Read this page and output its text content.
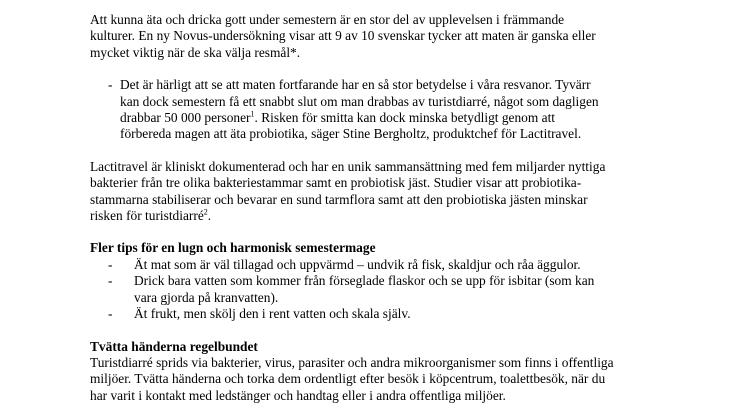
Att kunna äta och dricka gott under semestern är en stor del av upplevelsen i främmande
kulturer. En ny Novus-undersökning visar att 9 av 10 svenskar tycker att maten är ganska eller
mycket viktig när de ska välja resmål*.

- Det är härligt att se att maten fortfarande har en så stor betydelse i våra resvanor. Tyvärr
kan dock semestern få ett snabbt slut om man drabbas av turistdiarré, något som dagligen
drabbar 50 000 personer$^1$. Risken för smitta kan dock minska betydligt genom att
förbereda magen att äta probiotika, säger Stine Bergholtz, produktchef för Lactitravel.

Lactitravel är kliniskt dokumenterad och har en unik sammansättning med fem miljarder nyttiga
bakterier från tre olika bakteriestammar samt en probiotisk jäst. Studier visar att probiotika-
stammarna stabiliserar och bevarar en sund tarmflora samt att den probiotiska jästen minskar
risken för turistdiarré$^2$.

Fler tips för en lugn och harmonisk semestermage

- Ät mat som är väl tillagad och uppvärmd – undvik rå fisk, skaldjur och råa äggulor.
- Drick bara vatten som kommer från förseglade flaskor och se upp för isbitar (som kan
vara gjorda på kranvatten).
- Ät frukt, men skölj den i rent vatten och skala själv.

Tvätta händerna regelbundet

Turistdiarré sprids via bakterier, virus, parasiter och andra mikroorganismer som finns i offentliga
miljöer. Tvätta händerna och torka dem ordentligt efter besök i köpcentrum, toalettbesök, när du
har varit i kontakt med ledstänger och handtag eller i andra offentliga miljöer.
